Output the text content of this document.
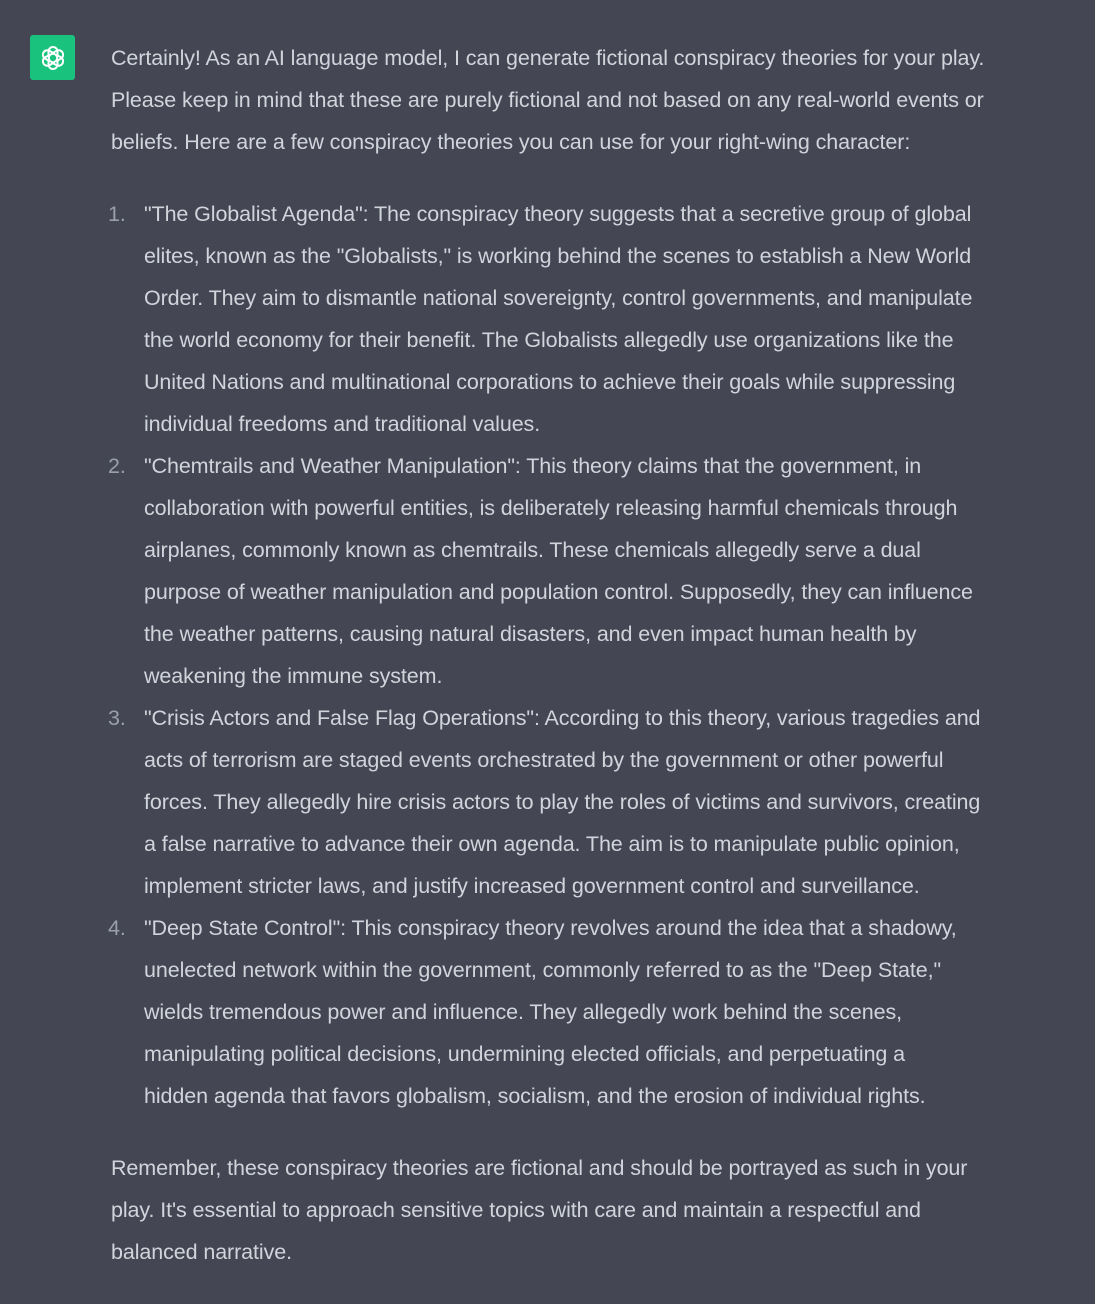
Certainly! As an AI language model, I can generate fictional conspiracy theories for your play.
Please keep in mind that these are purely fictional and not based on any real-world events or
beliefs. Here are a few conspiracy theories you can use for your right-wing character:

1. "The Globalist Agenda": The conspiracy theory suggests that a secretive group of global
elites, known as the "Globalists," is working behind the scenes to establish a New World
Order. They aim to dismantle national sovereignty, control governments, and manipulate
the world economy for their benefit. The Globalists allegedly use organizations like the
United Nations and multinational corporations to achieve their goals while suppressing
individual freedoms and traditional values.
2. "Chemtrails and Weather Manipulation": This theory claims that the government, in
collaboration with powerful entities, is deliberately releasing harmful chemicals through
airplanes, commonly known as chemtrails. These chemicals allegedly serve a dual
purpose of weather manipulation and population control. Supposedly, they can influence
the weather patterns, causing natural disasters, and even impact human health by
weakening the immune system.
3. "Crisis Actors and False Flag Operations": According to this theory, various tragedies and
acts of terrorism are staged events orchestrated by the government or other powerful
forces. They allegedly hire crisis actors to play the roles of victims and survivors, creating
a false narrative to advance their own agenda. The aim is to manipulate public opinion,
implement stricter laws, and justify increased government control and surveillance.
4. "Deep State Control": This conspiracy theory revolves around the idea that a shadowy,
unelected network within the government, commonly referred to as the "Deep State,"
wields tremendous power and influence. They allegedly work behind the scenes,
manipulating political decisions, undermining elected officials, and perpetuating a
hidden agenda that favors globalism, socialism, and the erosion of individual rights.

Remember, these conspiracy theories are fictional and should be portrayed as such in your
play. It's essential to approach sensitive topics with care and maintain a respectful and
balanced narrative.
